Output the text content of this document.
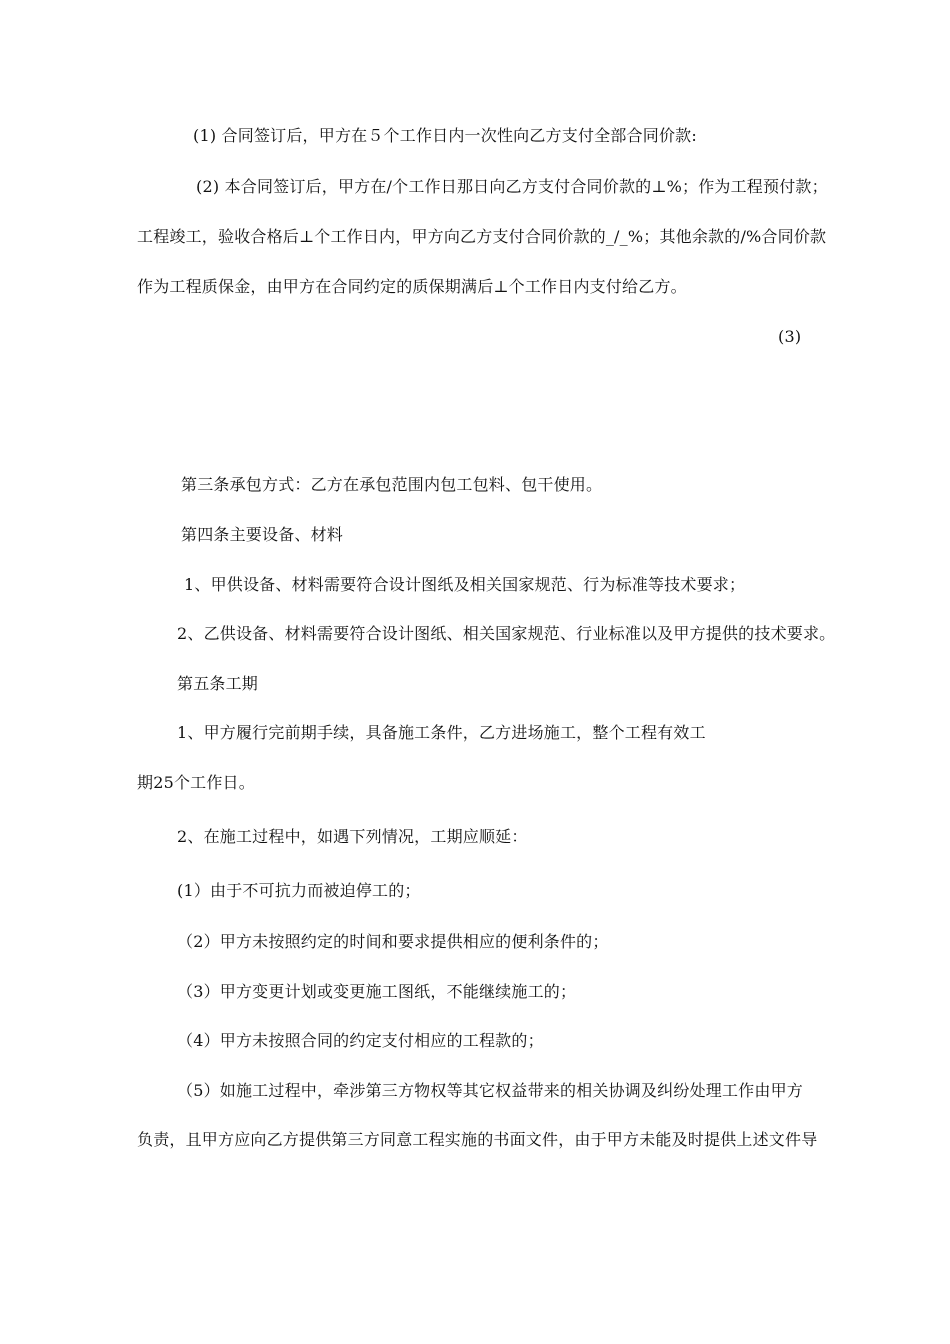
(1) 合同签订后，甲方在５个工作日内一次性向乙方支付全部合同价款:
(2) 本合同签订后，甲方在/个工作日那日向乙方支付合同价款的⊥%；作为工程预付款；
工程竣工，验收合格后⊥个工作日内，甲方向乙方支付合同价款的_/_%；其他余款的/%合同价款
作为工程质保金，由甲方在合同约定的质保期满后⊥个工作日内支付给乙方。
(3)
第三条承包方式：乙方在承包范围内包工包料、包干使用。
第四条主要设备、材料
1、甲供设备、材料需要符合设计图纸及相关国家规范、行为标准等技术要求；
2、乙供设备、材料需要符合设计图纸、相关国家规范、行业标准以及甲方提供的技术要求。
第五条工期
1、甲方履行完前期手续，具备施工条件，乙方进场施工，整个工程有效工
期25个工作日。
2、在施工过程中，如遇下列情况，工期应顺延：
(1）由于不可抗力而被迫停工的；
（2）甲方未按照约定的时间和要求提供相应的便利条件的；
（3）甲方变更计划或变更施工图纸，不能继续施工的；
（4）甲方未按照合同的约定支付相应的工程款的；
（5）如施工过程中，牵涉第三方物权等其它权益带来的相关协调及纠纷处理工作由甲方
负责，且甲方应向乙方提供第三方同意工程实施的书面文件，由于甲方未能及时提供上述文件导
